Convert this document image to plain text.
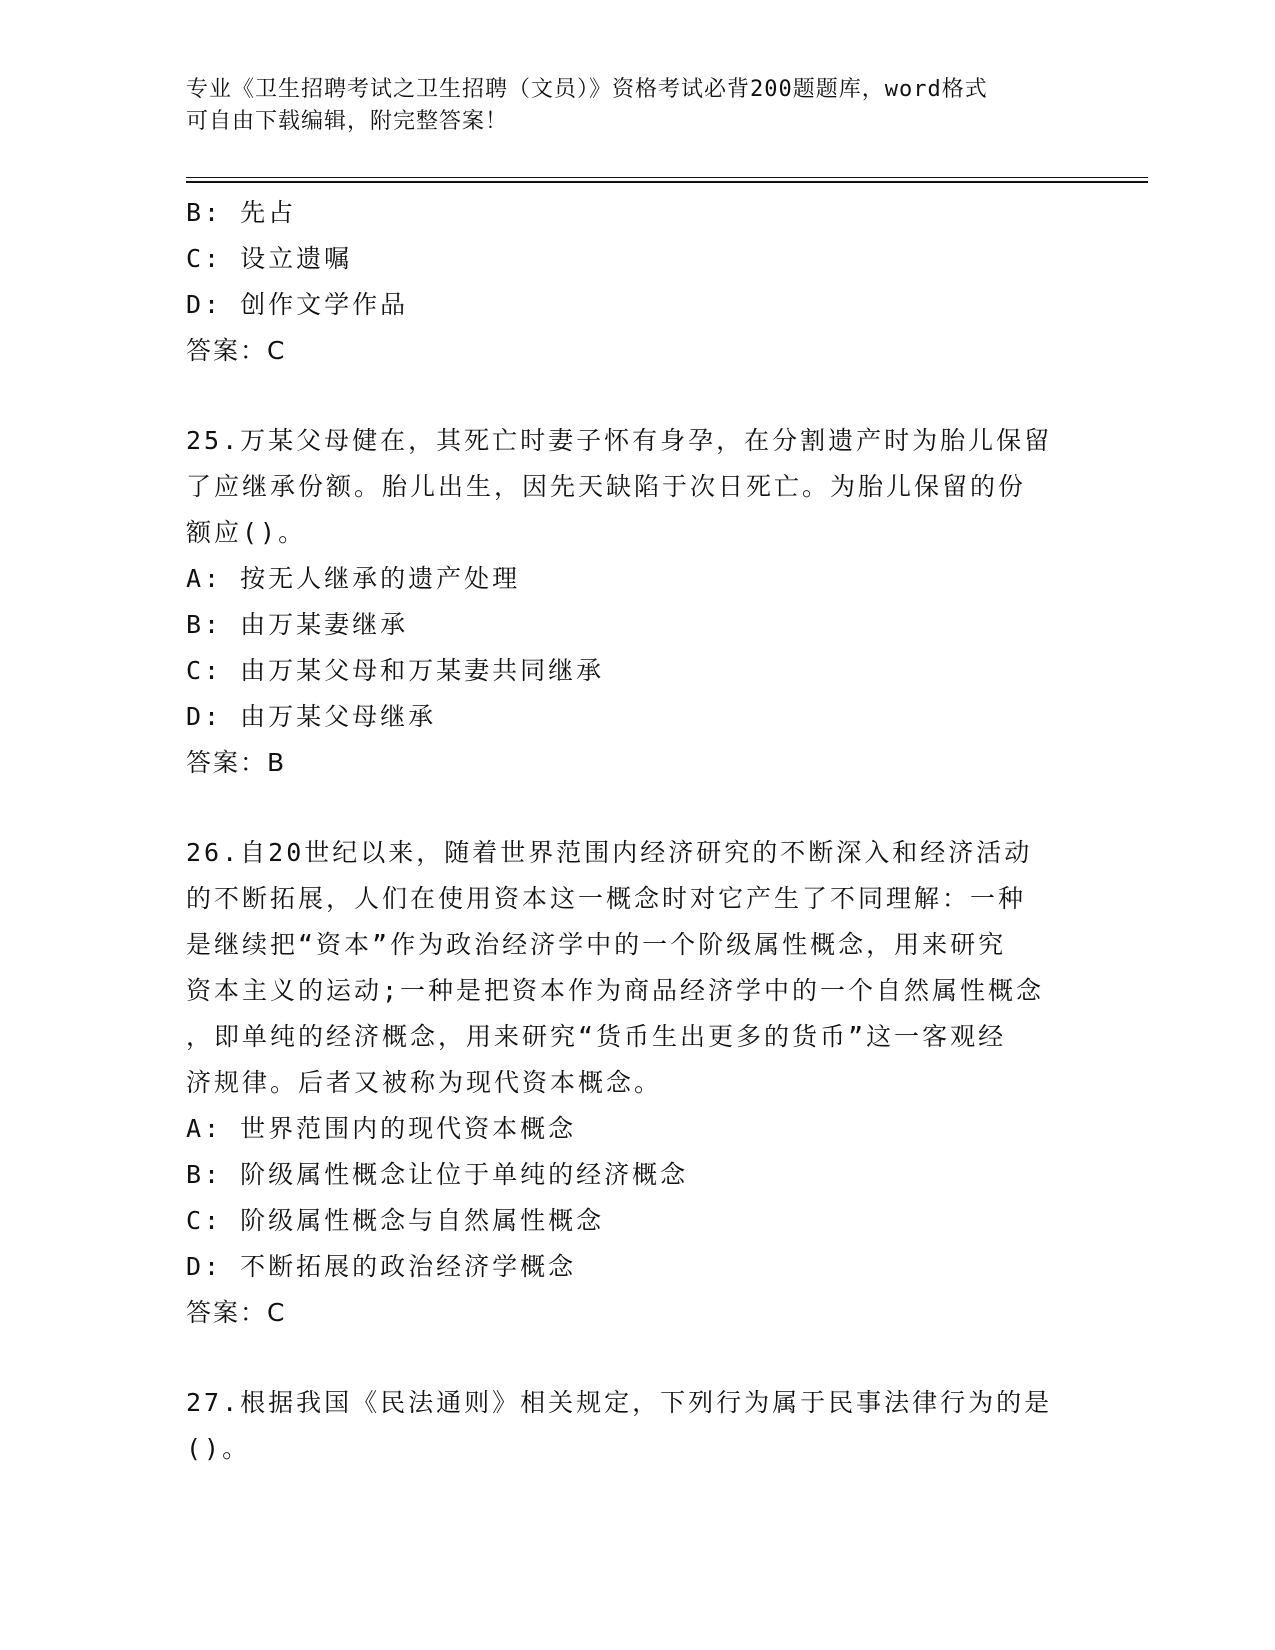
专业《卫生招聘考试之卫生招聘（文员）》资格考试必背200题题库，word格式
可自由下载编辑，附完整答案！
B: 先占
C: 设立遗嘱
D: 创作文学作品
答案：C
25.万某父母健在，其死亡时妻子怀有身孕，在分割遗产时为胎儿保留
了应继承份额。胎儿出生，因先天缺陷于次日死亡。为胎儿保留的份
额应()。
A: 按无人继承的遗产处理
B: 由万某妻继承
C: 由万某父母和万某妻共同继承
D: 由万某父母继承
答案：B
26.自20世纪以来，随着世界范围内经济研究的不断深入和经济活动
的不断拓展，人们在使用资本这一概念时对它产生了不同理解：一种
是继续把“资本”作为政治经济学中的一个阶级属性概念，用来研究
资本主义的运动;一种是把资本作为商品经济学中的一个自然属性概念
，即单纯的经济概念，用来研究“货币生出更多的货币”这一客观经
济规律。后者又被称为现代资本概念。
A: 世界范围内的现代资本概念
B: 阶级属性概念让位于单纯的经济概念
C: 阶级属性概念与自然属性概念
D: 不断拓展的政治经济学概念
答案：C
27.根据我国《民法通则》相关规定，下列行为属于民事法律行为的是
()。
